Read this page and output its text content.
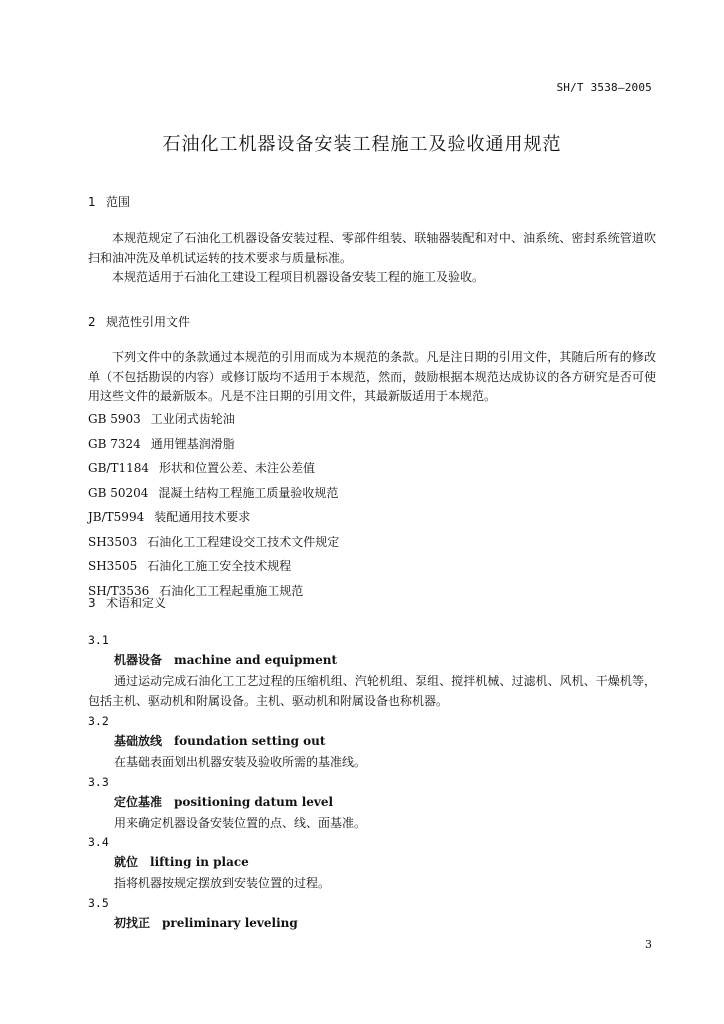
SH/T 3538—2005
石油化工机器设备安装工程施工及验收通用规范
1 范围

本规范规定了石油化工机器设备安装过程、零部件组装、联轴器装配和对中、油系统、密封系统管道吹扫和油冲洗及单机试运转的技术要求与质量标准。

本规范适用于石油化工建设工程项目机器设备安装工程的施工及验收。

2 规范性引用文件

下列文件中的条款通过本规范的引用而成为本规范的条款。凡是注日期的引用文件，其随后所有的修改单（不包括勘误的内容）或修订版均不适用于本规范，然而，鼓励根据本规范达成协议的各方研究是否可使用这些文件的最新版本。凡是不注日期的引用文件，其最新版适用于本规范。

GB 5903 工业闭式齿轮油
GB 7324 通用锂基润滑脂
GB/T1184 形状和位置公差、未注公差值
GB 50204 混凝土结构工程施工质量验收规范
JB/T5994 装配通用技术要求
SH3503 石油化工工程建设交工技术文件规定
SH3505 石油化工施工安全技术规程
SH/T3536 石油化工工程起重施工规范
3 术语和定义
3.1
机器设备 machine and equipment
通过运动完成石油化工工艺过程的压缩机组、汽轮机组、泵组、搅拌机械、过滤机、风机、干燥机等，包括主机、驱动机和附属设备。主机、驱动机和附属设备也称机器。
3.2
基础放线 foundation setting out
在基础表面划出机器安装及验收所需的基准线。
3.3
定位基准 positioning datum level
用来确定机器设备安装位置的点、线、面基准。
3.4
就位 lifting in place
指将机器按规定摆放到安装位置的过程。
3.5
初找正 preliminary leveling
3
